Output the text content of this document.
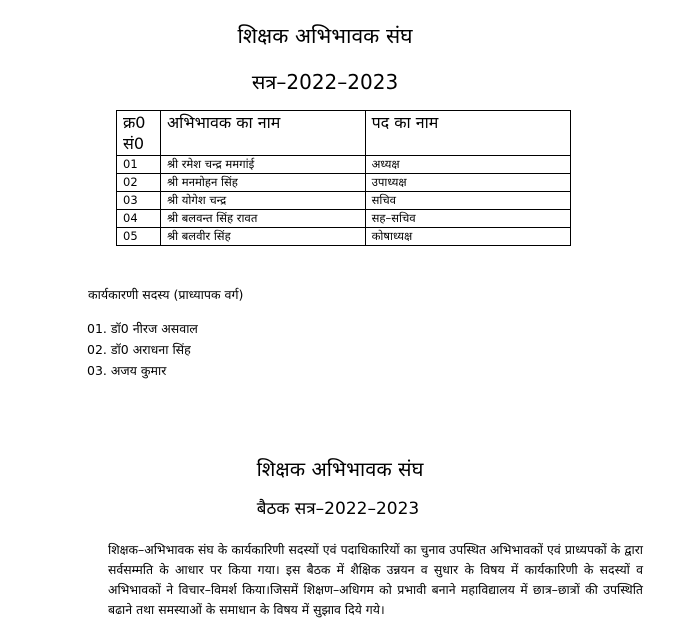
शिक्षक अभिभावक संघ
सत्र–2022–2023
क्र0 सं0	अभिभावक का नाम	पद का नाम
01	श्री रमेश चन्द्र ममगांई	अध्यक्ष
02	श्री मनमोहन सिंह	उपाध्यक्ष
03	श्री योगेश चन्द्र	सचिव
04	श्री बलवन्त सिंह रावत	सह–सचिव
05	श्री बलवीर सिंह	कोषाध्यक्ष
कार्यकारणी सदस्य (प्राध्यापक वर्ग)
01. डॉ0 नीरज असवाल
02. डॉ0 अराधना सिंह
03. अजय कुमार
शिक्षक अभिभावक संघ
बैठक सत्र–2022–2023
शिक्षक–अभिभावक संघ के कार्यकारिणी सदस्यों एवं पदाधिकारियों का चुनाव उपस्थित अभिभावकों एवं प्राध्यपकों के द्वारा सर्वसम्मति के आधार पर किया गया। इस बैठक में शैक्षिक उन्नयन व सुधार के विषय में कार्यकारिणी के सदस्यों व अभिभावकों ने विचार–विमर्श किया।जिसमें शिक्षण–अधिगम को प्रभावी बनाने महाविद्यालय में छात्र–छात्रों की उपस्थिति बढाने तथा समस्याओं के समाधान के विषय में सुझाव दिये गये।
